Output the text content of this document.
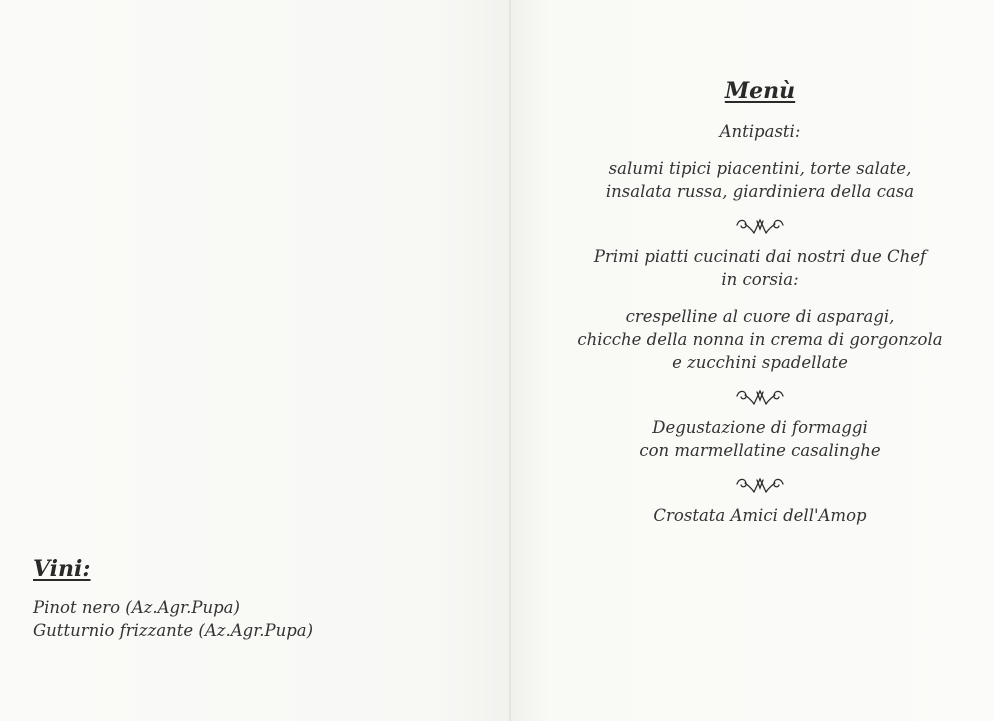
Vini:
Pinot nero (Az.Agr.Pupa)
Gutturnio frizzante (Az.Agr.Pupa)
Menù
Antipasti:
salumi tipici piacentini, torte salate,
insalata russa, giardiniera della casa
Primi piatti cucinati dai nostri due Chef
in corsia:
crespelline al cuore di asparagi,
chicche della nonna in crema di gorgonzola
e zucchini spadellate
Degustazione di formaggi
con marmellatine casalinghe
Crostata Amici dell'Amop
